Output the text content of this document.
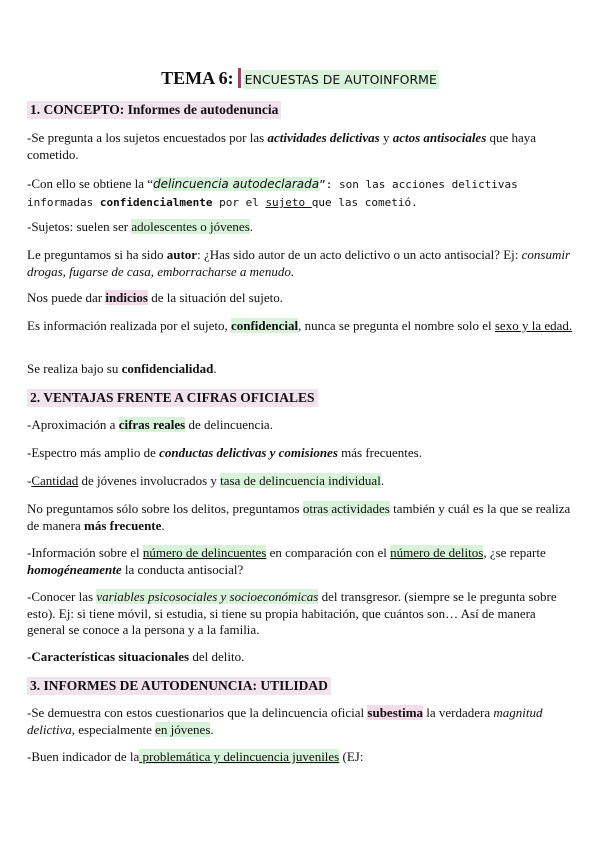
TEMA 6: ENCUESTAS DE AUTOINFORME
1. CONCEPTO: Informes de autodenuncia
-Se pregunta a los sujetos encuestados por las actividades delictivas y actos antisociales que haya cometido.
-Con ello se obtiene la “delincuencia autodeclarada”: son las acciones delictivas informadas confidencialmente por el sujeto que las cometió.
-Sujetos: suelen ser adolescentes o jóvenes.
Le preguntamos si ha sido autor: ¿Has sido autor de un acto delictivo o un acto antisocial? Ej: consumir drogas, fugarse de casa, emborracharse a menudo.
Nos puede dar indicios de la situación del sujeto.
Es información realizada por el sujeto, confidencial, nunca se pregunta el nombre solo el sexo y la edad.
Se realiza bajo su confidencialidad.
2. VENTAJAS FRENTE A CIFRAS OFICIALES
-Aproximación a cifras reales de delincuencia.
-Espectro más amplio de conductas delictivas y comisiones más frecuentes.
-Cantidad de jóvenes involucrados y tasa de delincuencia individual.
No preguntamos sólo sobre los delitos, preguntamos otras actividades también y cuál es la que se realiza de manera más frecuente.
-Información sobre el número de delincuentes en comparación con el número de delitos, ¿se reparte homogéneamente la conducta antisocial?
-Conocer las variables psicosociales y socioeconómicas del transgresor. (siempre se le pregunta sobre esto). Ej: si tiene móvil, si estudia, si tiene su propia habitación, que cuántos son… Así de manera general se conoce a la persona y a la familia.
-Características situacionales del delito.
3. INFORMES DE AUTODENUNCIA: UTILIDAD
-Se demuestra con estos cuestionarios que la delincuencia oficial subestima la verdadera magnitud delictiva, especialmente en jóvenes.
-Buen indicador de la problemática y delincuencia juveniles (EJ:
